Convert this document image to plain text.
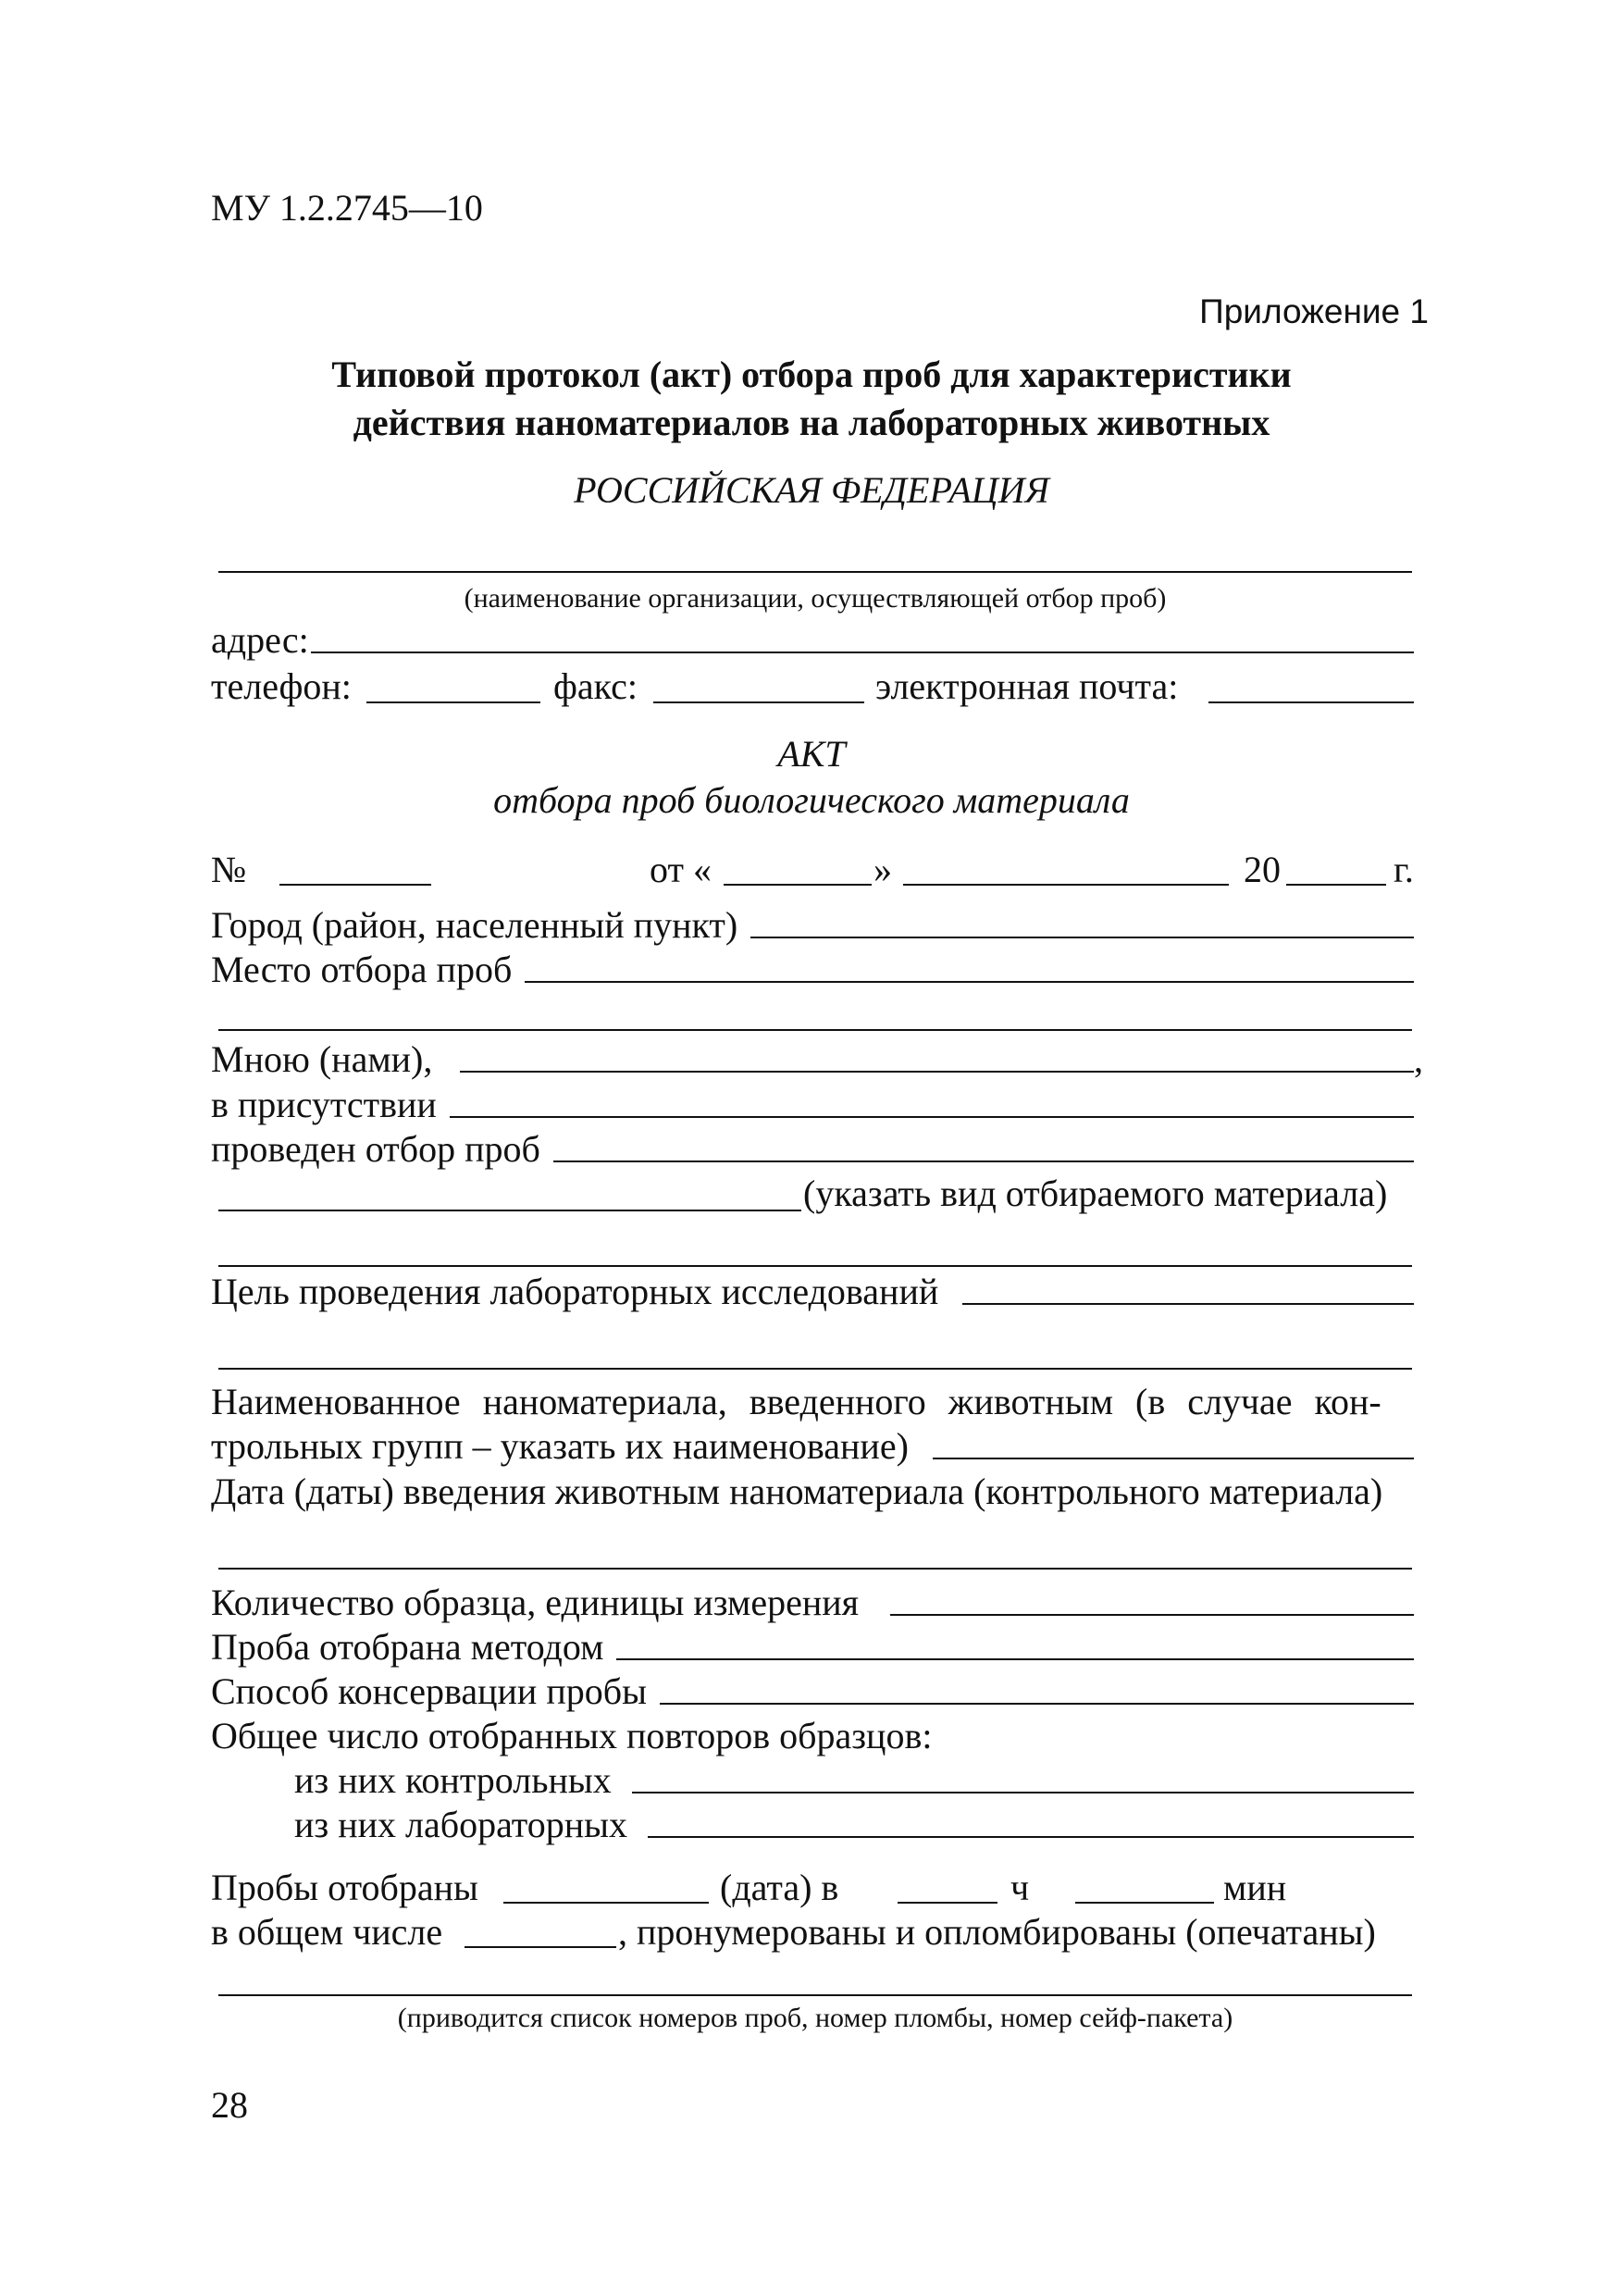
МУ 1.2.2745—10
Приложение 1
Типовой протокол (акт) отбора проб для характеристики
действия наноматериалов на лабораторных животных
РОССИЙСКАЯ ФЕДЕРАЦИЯ
(наименование организации, осуществляющей отбор проб)
адрес:
телефон:	факс:	электронная почта:
АКТ
отбора проб биологического материала
№	от «	»	20	г.
Город (район, населенный пункт)
Место отбора проб
Мною (нами),	,
в присутствии
проведен отбор проб
(указать вид отбираемого материала)
Цель проведения лабораторных исследований
Наименованное наноматериала, введенного животным (в случае кон-
трольных групп – указать их наименование)
Дата (даты) введения животным наноматериала (контрольного материала)
Количество образца, единицы измерения
Проба отобрана методом
Способ консервации пробы
Общее число отобранных повторов образцов:
из них контрольных
из них лабораторных
Пробы отобраны	(дата) в	ч	мин
в общем числе	, пронумерованы и опломбированы (опечатаны)
(приводится список номеров проб, номер пломбы, номер сейф-пакета)
28
